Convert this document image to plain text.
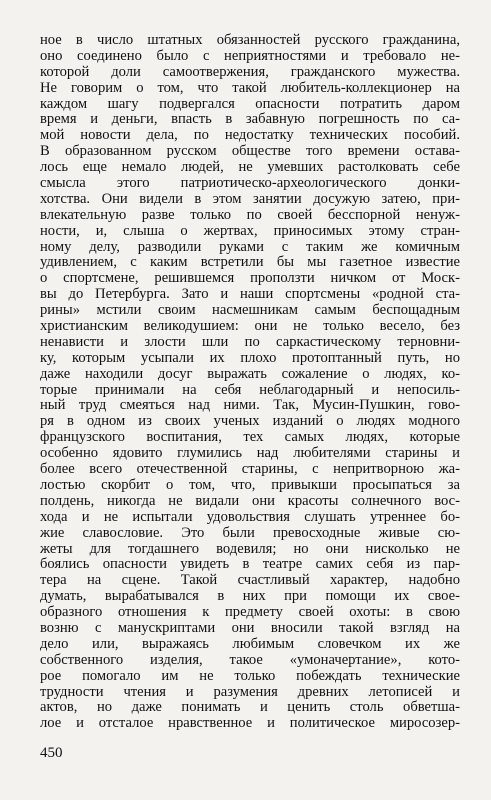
ное в число штатных обязанностей русского гражданина,
оно соединено было с неприятностями и требовало не-
которой доли самоотвержения, гражданского мужества.
Не говорим о том, что такой любитель-коллекционер на
каждом шагу подвергался опасности потратить даром
время и деньги, впасть в забавную погрешность по са-
мой новости дела, по недостатку технических пособий.
В образованном русском обществе того времени остава-
лось еще немало людей, не умевших растолковать себе
смысла этого патриотическо-археологического донки-
хотства. Они видели в этом занятии досужую затею, при-
влекательную разве только по своей бесспорной ненуж-
ности, и, слыша о жертвах, приносимых этому стран-
ному делу, разводили руками с таким же комичным
удивлением, с каким встретили бы мы газетное известие
о спортсмене, решившемся проползти ничком от Моск-
вы до Петербурга. Зато и наши спортсмены «родной ста-
рины» мстили своим насмешникам самым беспощадным
христианским великодушием: они не только весело, без
ненависти и злости шли по саркастическому терновни-
ку, которым усыпали их плохо протоптанный путь, но
даже находили досуг выражать сожаление о людях, ко-
торые принимали на себя неблагодарный и непосиль-
ный труд смеяться над ними. Так, Мусин-Пушкин, гово-
ря в одном из своих ученых изданий о людях модного
французского воспитания, тех самых людях, которые
особенно ядовито глумились над любителями старины и
более всего отечественной старины, с непритворною жа-
лостью скорбит о том, что, привыкши просыпаться за
полдень, никогда не видали они красоты солнечного вос-
хода и не испытали удовольствия слушать утреннее бо-
жие славословие. Это были превосходные живые сю-
жеты для тогдашнего водевиля; но они нисколько не
боялись опасности увидеть в театре самих себя из пар-
тера на сцене. Такой счастливый характер, надобно
думать, вырабатывался в них при помощи их свое-
образного отношения к предмету своей охоты: в свою
возню с манускриптами они вносили такой взгляд на
дело или, выражаясь любимым словечком их же
собственного изделия, такое «умоначертание», кото-
рое помогало им не только побеждать технические
трудности чтения и разумения древних летописей и
актов, но даже понимать и ценить столь обветша-
лое и отсталое нравственное и политическое миросозер-
450
